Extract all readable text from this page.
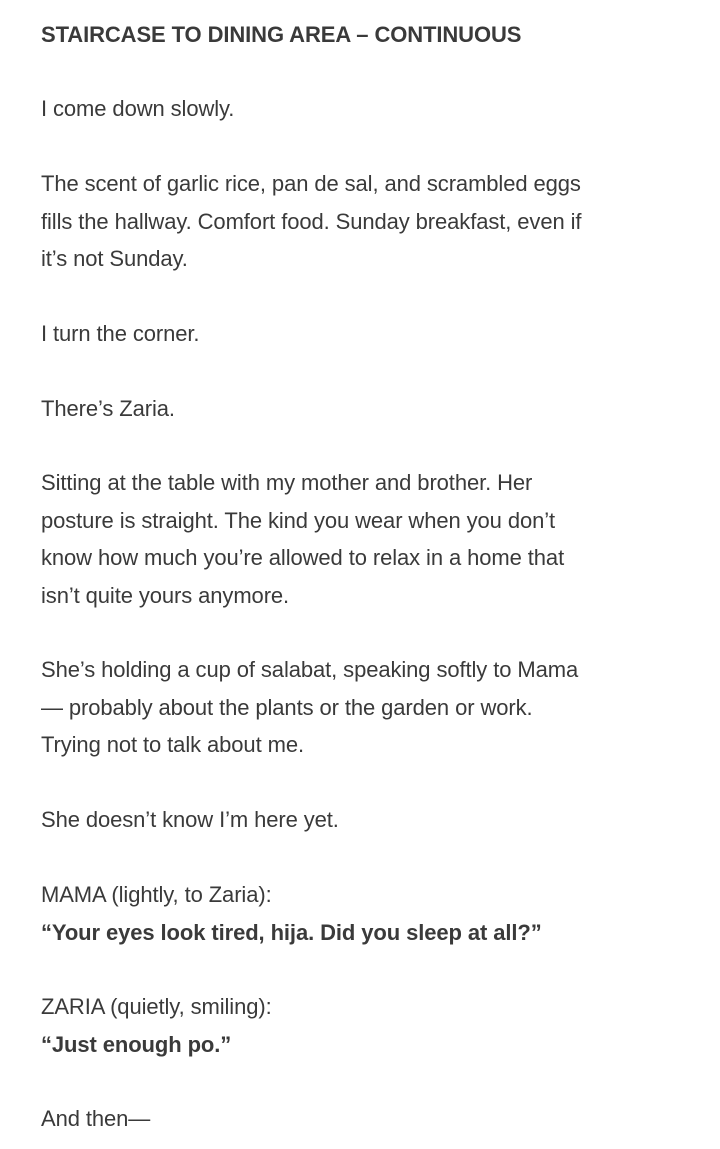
STAIRCASE TO DINING AREA – CONTINUOUS
I come down slowly.
The scent of garlic rice, pan de sal, and scrambled eggs
fills the hallway. Comfort food. Sunday breakfast, even if
it’s not Sunday.
I turn the corner.
There’s Zaria.
Sitting at the table with my mother and brother. Her
posture is straight. The kind you wear when you don’t
know how much you’re allowed to relax in a home that
isn’t quite yours anymore.
She’s holding a cup of salabat, speaking softly to Mama
— probably about the plants or the garden or work.
Trying not to talk about me.
She doesn’t know I’m here yet.
MAMA (lightly, to Zaria):
“Your eyes look tired, hija. Did you sleep at all?”
ZARIA (quietly, smiling):
“Just enough po.”
And then—
